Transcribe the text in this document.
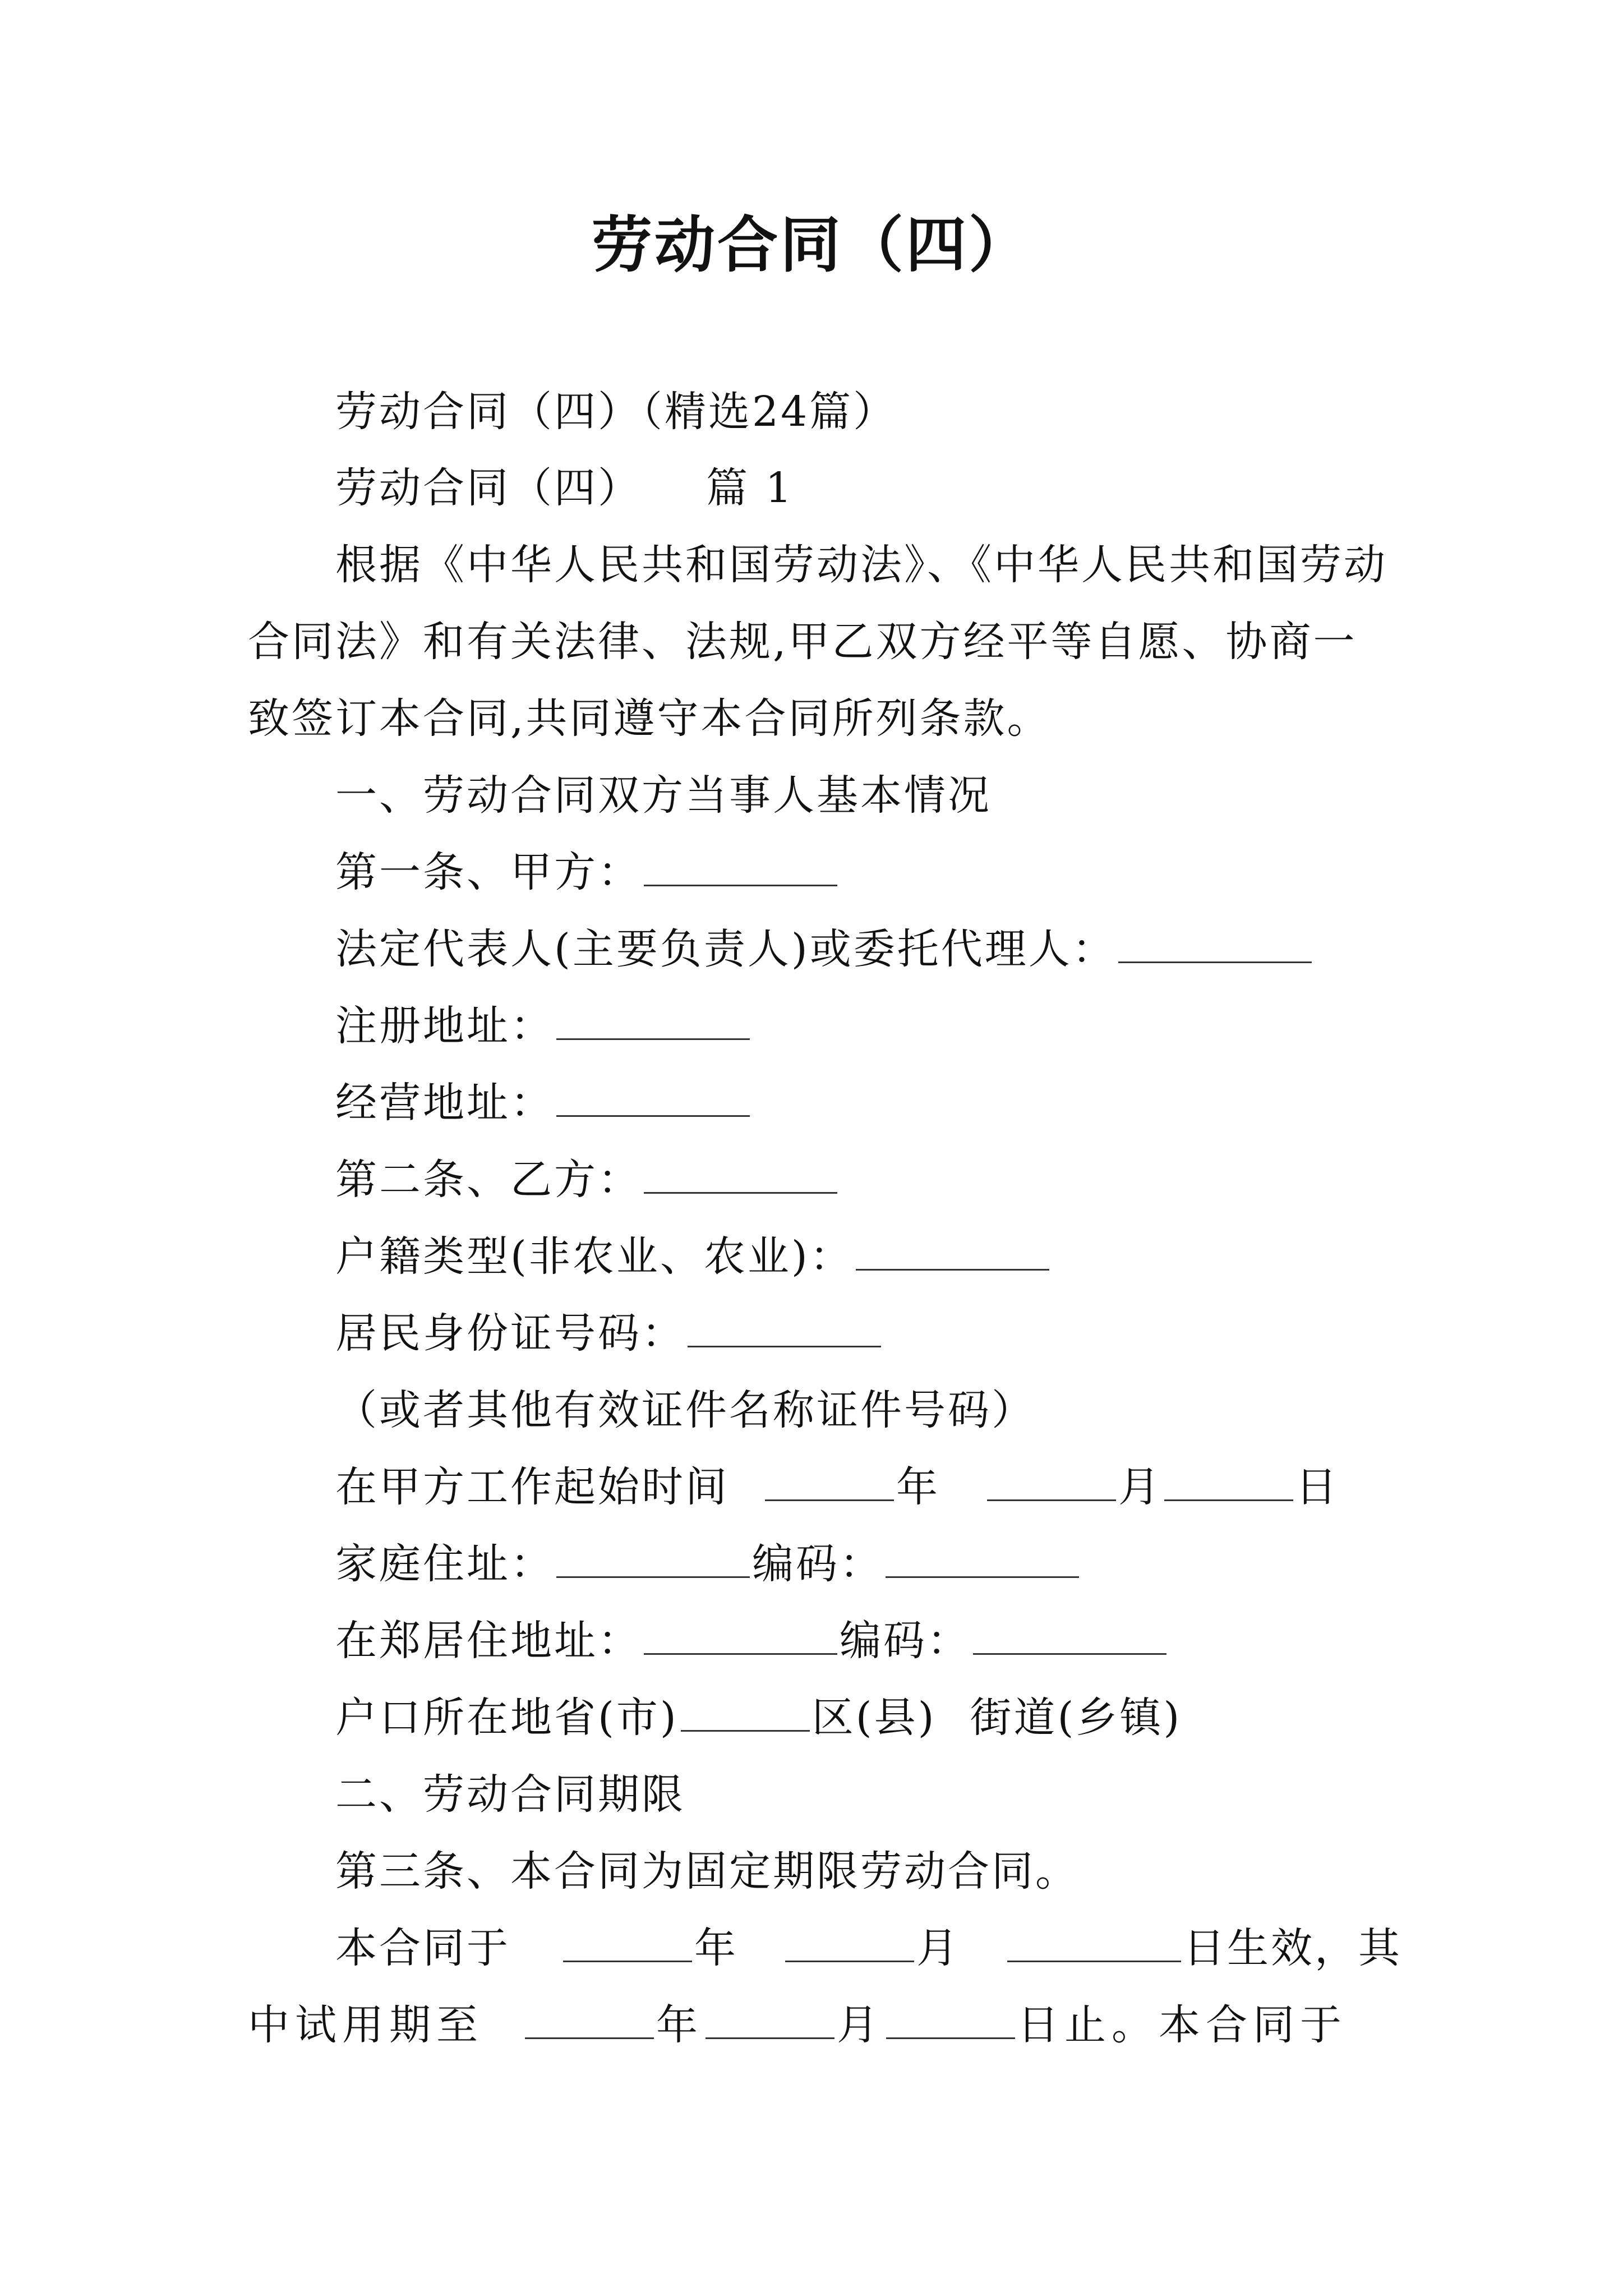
劳动合同（四）
劳动合同（四）（精选24篇）
劳动合同（四） 篇 1
根据《中华人民共和国劳动法》、《中华人民共和国劳动
合同法》和有关法律、法规,甲乙双方经平等自愿、协商一
致签订本合同,共同遵守本合同所列条款。
一、劳动合同双方当事人基本情况
第一条、甲方：
法定代表人(主要负责人)或委托代理人：
注册地址：
经营地址：
第二条、乙方：
户籍类型(非农业、农业)：
居民身份证号码：
（或者其他有效证件名称证件号码）
在甲方工作起始时间	年	月	日
家庭住址：	编码：
在郑居住地址：	编码：
户口所在地省(市)	区(县) 街道(乡镇)
二、劳动合同期限
第三条、本合同为固定期限劳动合同。
本合同于	年	月	日生效，其
中试用期至	年	月	日止。本合同于
